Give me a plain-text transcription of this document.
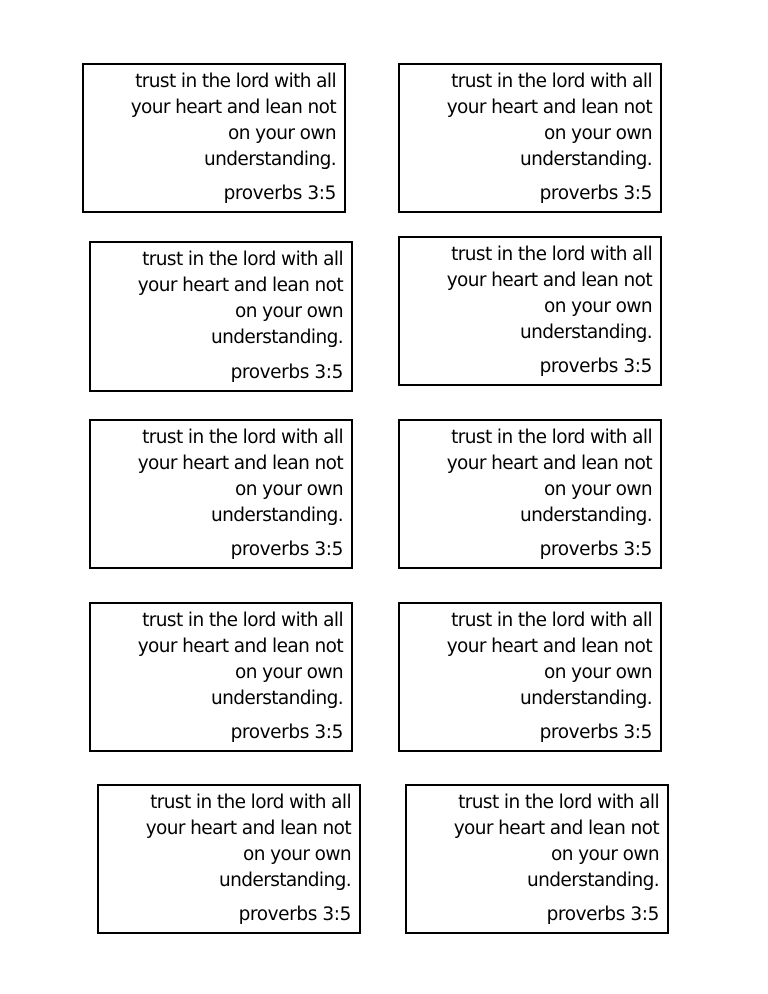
trust in the lord with all
your heart and lean not
on your own
understanding.
proverbs 3:5
trust in the lord with all
your heart and lean not
on your own
understanding.
proverbs 3:5
trust in the lord with all
your heart and lean not
on your own
understanding.
proverbs 3:5
trust in the lord with all
your heart and lean not
on your own
understanding.
proverbs 3:5
trust in the lord with all
your heart and lean not
on your own
understanding.
proverbs 3:5
trust in the lord with all
your heart and lean not
on your own
understanding.
proverbs 3:5
trust in the lord with all
your heart and lean not
on your own
understanding.
proverbs 3:5
trust in the lord with all
your heart and lean not
on your own
understanding.
proverbs 3:5
trust in the lord with all
your heart and lean not
on your own
understanding.
proverbs 3:5
trust in the lord with all
your heart and lean not
on your own
understanding.
proverbs 3:5
